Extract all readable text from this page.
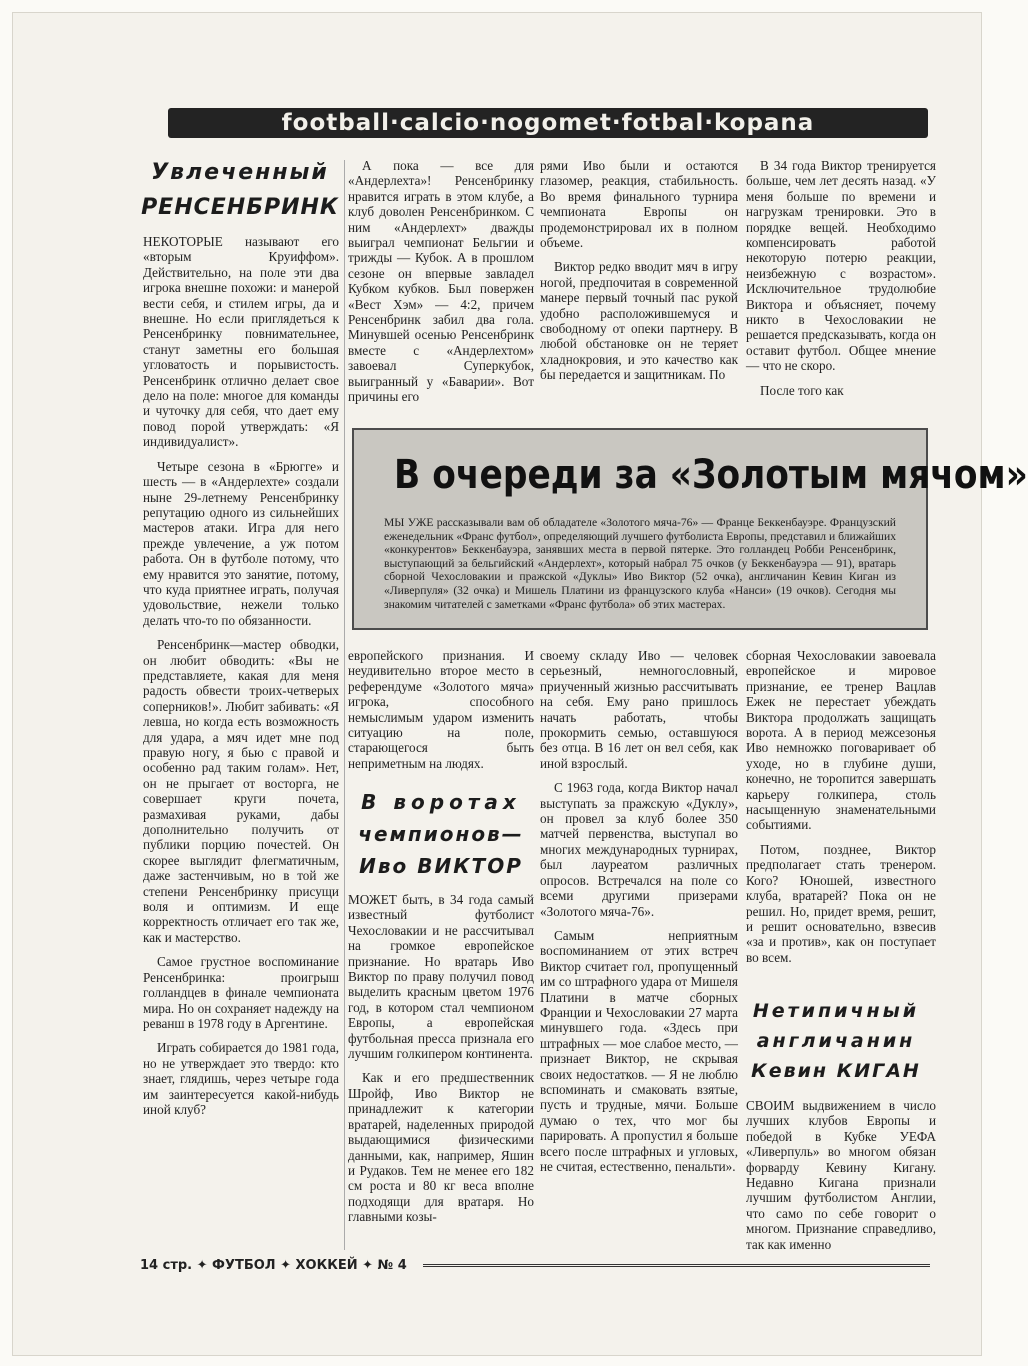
football·calcio·nogomet·fotbal·kopana
Увлеченный
РЕНСЕНБРИНК

НЕКОТОРЫЕ называют его «вторым Круиффом». Действительно, на поле эти два игрока внешне похожи: и манерой вести себя, и стилем игры, да и внешне. Но если приглядеться к Ренсенбринку повнимательнее, станут заметны его большая угловатость и порывистость. Ренсенбринк отлично делает свое дело на поле: многое для команды и чуточку для себя, что дает ему повод порой утверждать: «Я индивидуалист».

Четыре сезона в «Брюгге» и шесть — в «Андерлехте» создали ныне 29-летнему Ренсенбринку репутацию одного из сильнейших мастеров атаки. Игра для него прежде увлечение, а уж потом работа. Он в футболе потому, что ему нравится это занятие, потому, что куда приятнее играть, получая удовольствие, нежели только делать что-то по обязанности.

Ренсенбринк—мастер обводки, он любит обводить: «Вы не представляете, какая для меня радость обвести троих-четверых соперников!». Любит забивать: «Я левша, но когда есть возможность для удара, а мяч идет мне под правую ногу, я бью с правой и особенно рад таким голам». Нет, он не прыгает от восторга, не совершает круги почета, размахивая руками, дабы дополнительно получить от публики порцию почестей. Он скорее выглядит флегматичным, даже застенчивым, но в той же степени Ренсенбринку присущи воля и оптимизм. И еще корректность отличает его так же, как и мастерство.

Самое грустное воспоминание Ренсенбринка: проигрыш голландцев в финале чемпионата мира. Но он сохраняет надежду на реванш в 1978 году в Аргентине.

Играть собирается до 1981 года, но не утверждает это твердо: кто знает, глядишь, через четыре года им заинтересуется какой-нибудь иной клуб?

А пока — все для «Андерлехта»! Ренсенбринку нравится играть в этом клубе, а клуб доволен Ренсенбринком. С ним «Андерлехт» дважды выиграл чемпионат Бельгии и трижды — Кубок. А в прошлом сезоне он впервые завладел Кубком кубков. Был повержен «Вест Хэм» — 4:2, причем Ренсенбринк забил два гола. Минувшей осенью Ренсенбринк вместе с «Андерлехтом» завоевал Суперкубок, выигранный у «Баварии». Вот причины его

рями Иво были и остаются глазомер, реакция, стабильность. Во время финального турнира чемпионата Европы он продемонстрировал их в полном объеме.

Виктор редко вводит мяч в игру ногой, предпочитая в современной манере первый точный пас рукой удобно расположившемуся и свободному от опеки партнеру. В любой обстановке он не теряет хладнокровия, и это качество как бы передается и защитникам. По

В 34 года Виктор тренируется больше, чем лет десять назад. «У меня больше по времени и нагрузкам тренировки. Это в порядке вещей. Необходимо компенсировать работой некоторую потерю реакции, неизбежную с возрастом». Исключительное трудолюбие Виктора и объясняет, почему никто в Чехословакии не решается предсказывать, когда он оставит футбол. Общее мнение — что не скоро.

После того как

В очереди за «Золотым мячом»
МЫ УЖЕ рассказывали вам об обладателе «Золотого мяча-76» — Франце Беккенбауэре. Французский еженедельник «Франс футбол», определяющий лучшего футболиста Европы, представил и ближайших «конкурентов» Беккенбауэра, занявших места в первой пятерке. Это голландец Робби Ренсенбринк, выступающий за бельгийский «Андерлехт», который набрал 75 очков (у Беккенбауэра — 91), вратарь сборной Чехословакии и пражской «Дуклы» Иво Виктор (52 очка), англичанин Кевин Киган из «Ливерпуля» (32 очка) и Мишель Платини из французского клуба «Нанси» (19 очков). Сегодня мы знакомим читателей с заметками «Франс футбола» об этих мастерах.

европейского признания. И неудивительно второе место в референдуме «Золотого мяча» игрока, способного немыслимым ударом изменить ситуацию на поле, старающегося быть неприметным на людях.

В воротах
чемпионов—
Иво ВИКТОР

МОЖЕТ быть, в 34 года самый известный футболист Чехословакии и не рассчитывал на громкое европейское признание. Но вратарь Иво Виктор по праву получил повод выделить красным цветом 1976 год, в котором стал чемпионом Европы, а европейская футбольная пресса признала его лучшим голкипером континента.

Как и его предшественник Шройф, Иво Виктор не принадлежит к категории вратарей, наделенных природой выдающимися физическими данными, как, например, Яшин и Рудаков. Тем не менее его 182 см роста и 80 кг веса вполне подходящи для вратаря. Но главными козы-

своему складу Иво — человек серьезный, немногословный, приученный жизнью рассчитывать на себя. Ему рано пришлось начать работать, чтобы прокормить семью, оставшуюся без отца. В 16 лет он вел себя, как иной взрослый.

С 1963 года, когда Виктор начал выступать за пражскую «Дуклу», он провел за клуб более 350 матчей первенства, выступал во многих международных турнирах, был лауреатом различных опросов. Встречался на поле со всеми другими призерами «Золотого мяча-76».

Самым неприятным воспоминанием от этих встреч Виктор считает гол, пропущенный им со штрафного удара от Мишеля Платини в матче сборных Франции и Чехословакии 27 марта минувшего года. «Здесь при штрафных — мое слабое место, — признает Виктор, не скрывая своих недостатков. — Я не люблю вспоминать и смаковать взятые, пусть и трудные, мячи. Больше думаю о тех, что мог бы парировать. А пропустил я больше всего после штрафных и угловых, не считая, естественно, пенальти».

сборная Чехословакии завоевала европейское и мировое признание, ее тренер Вацлав Ежек не перестает убеждать Виктора продолжать защищать ворота. А в период межсезонья Иво немножко поговаривает об уходе, но в глубине души, конечно, не торопится завершать карьеру голкипера, столь насыщенную знаменательными событиями.

Потом, позднее, Виктор предполагает стать тренером. Кого? Юношей, известного клуба, вратарей? Пока он не решил. Но, придет время, решит, и решит основательно, взвесив «за и против», как он поступает во всем.

Нетипичный
англичанин
Кевин КИГАН

СВОИМ выдвижением в число лучших клубов Европы и победой в Кубке УЕФА «Ливерпуль» во многом обязан форварду Кевину Кигану. Недавно Кигана признали лучшим футболистом Англии, что само по себе говорит о многом. Признание справедливо, так как именно

14 стр. ✦ ФУТБОЛ ✦ ХОККЕЙ ✦ № 4
